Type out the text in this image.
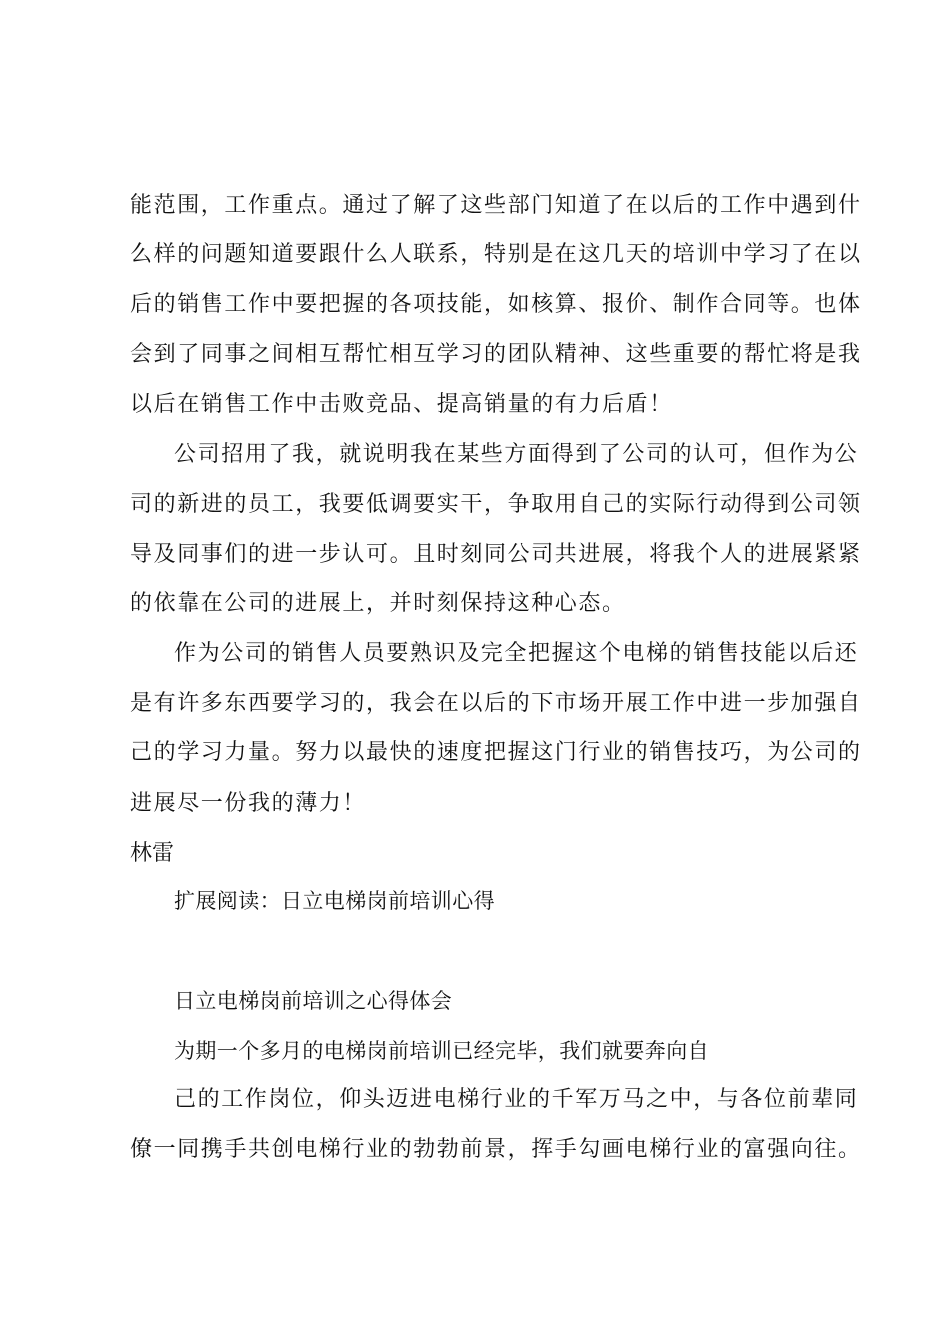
能范围，工作重点。通过了解了这些部门知道了在以后的工作中遇到什
么样的问题知道要跟什么人联系，特别是在这几天的培训中学习了在以
后的销售工作中要把握的各项技能，如核算、报价、制作合同等。也体
会到了同事之间相互帮忙相互学习的团队精神、这些重要的帮忙将是我
以后在销售工作中击败竞品、提高销量的有力后盾！
公司招用了我，就说明我在某些方面得到了公司的认可，但作为公
司的新进的员工，我要低调要实干，争取用自己的实际行动得到公司领
导及同事们的进一步认可。且时刻同公司共进展，将我个人的进展紧紧
的依靠在公司的进展上，并时刻保持这种心态。
作为公司的销售人员要熟识及完全把握这个电梯的销售技能以后还
是有许多东西要学习的，我会在以后的下市场开展工作中进一步加强自
己的学习力量。努力以最快的速度把握这门行业的销售技巧，为公司的
进展尽一份我的薄力！
林雷
扩展阅读：日立电梯岗前培训心得
日立电梯岗前培训之心得体会
为期一个多月的电梯岗前培训已经完毕，我们就要奔向自
己的工作岗位，仰头迈进电梯行业的千军万马之中，与各位前辈同
僚一同携手共创电梯行业的勃勃前景，挥手勾画电梯行业的富强向往。
